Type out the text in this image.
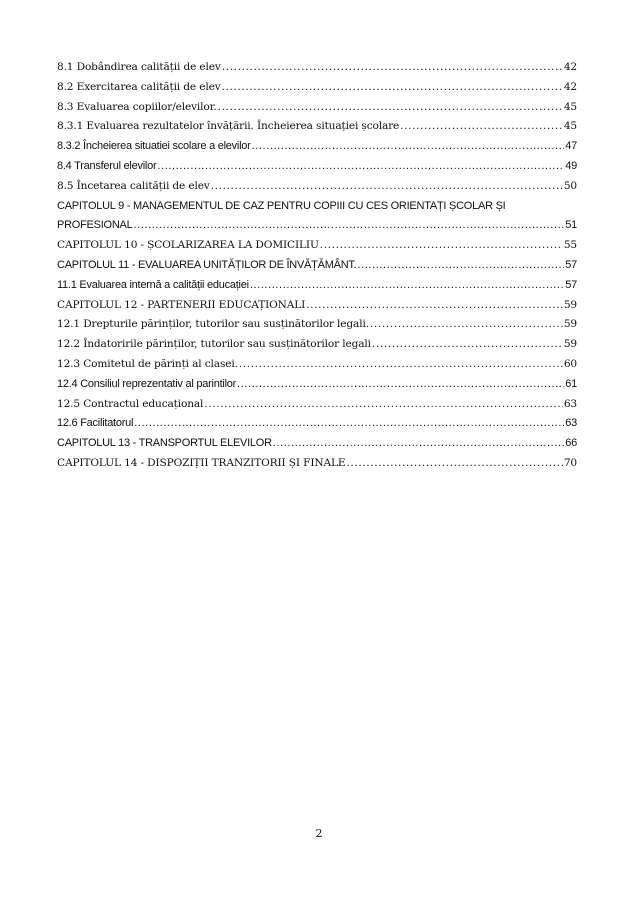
8.1 Dobândirea calității de elev .....	42
8.2 Exercitarea calității de elev .....	42
8.3 Evaluarea copiilor/elevilor. .....	45
8.3.1 Evaluarea rezultatelor învățării. Încheierea situației școlare .....	45
8.3.2 Încheierea situatiei scolare a elevilor .....	47
8.4 Transferul elevilor .....	49
8.5 Încetarea calității de elev .....	50
CAPITOLUL 9 - MANAGEMENTUL DE CAZ PENTRU COPIII CU CES ORIENTAȚI ȘCOLAR ȘI
PROFESIONAL .....	51
CAPITOLUL 10 - ȘCOLARIZAREA LA DOMICILIU .....	55
CAPITOLUL 11 - EVALUAREA UNITĂȚILOR DE ÎNVĂȚĂMÂNT. .....	57
11.1 Evaluarea internă a calității educației .....	57
CAPITOLUL 12 - PARTENERII EDUCAȚIONALI .....	59
12.1 Drepturile părinților, tutorilor sau susținătorilor legali. .....	59
12.2 Îndatoririle părinților, tutorilor sau susținătorilor legali .....	59
12.3 Comitetul de părinți al clasei. .....	60
12.4 Consiliul reprezentativ al parintilor .....	61
12.5 Contractul educațional .....	63
12.6 Facilitatorul .....	63
CAPITOLUL 13 - TRANSPORTUL ELEVILOR .....	66
CAPITOLUL 14 - DISPOZIȚII TRANZITORII ȘI FINALE .....	70
2
